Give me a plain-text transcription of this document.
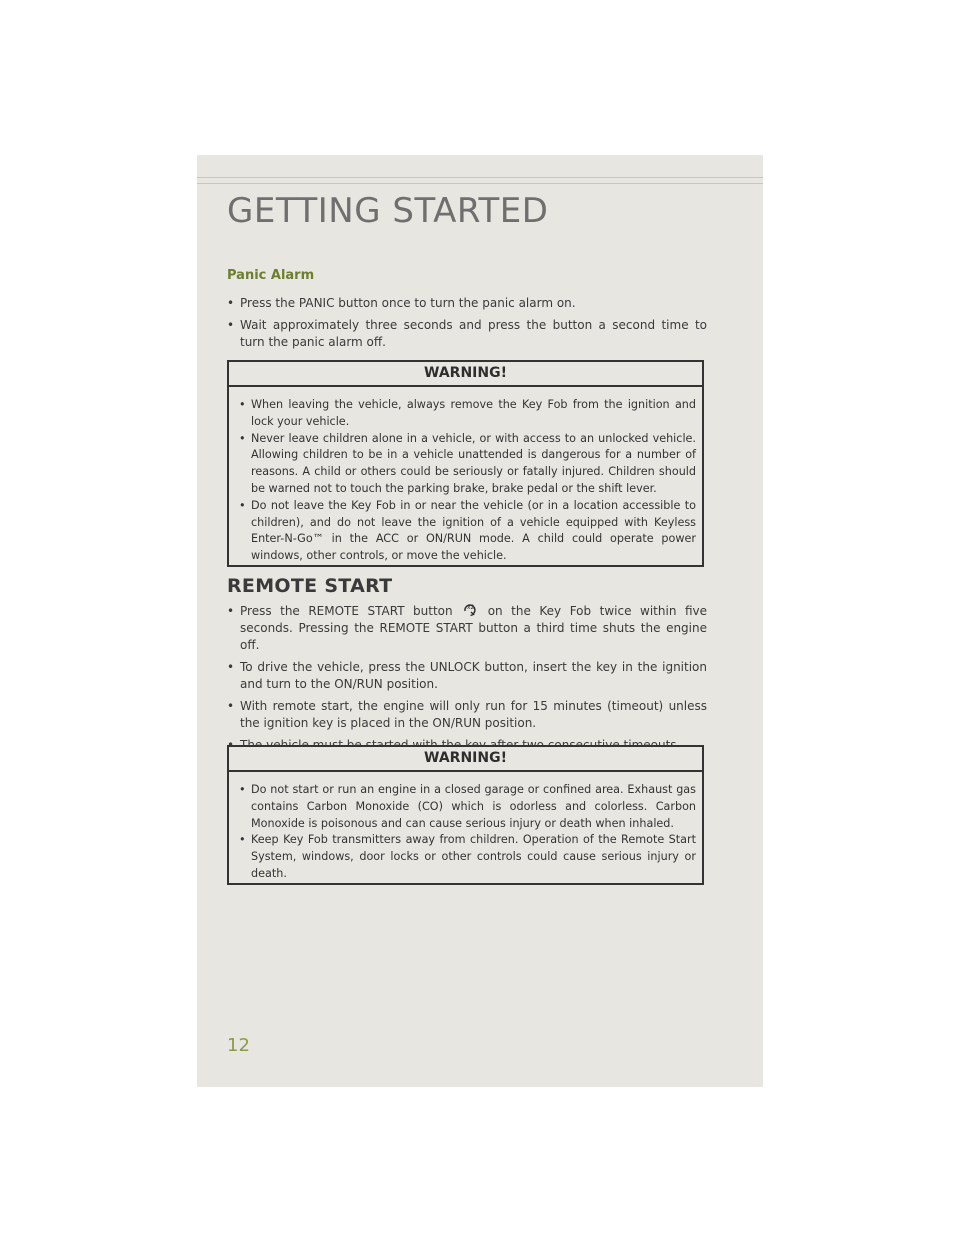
GETTING STARTED
Panic Alarm
• Press the PANIC button once to turn the panic alarm on.
• Wait approximately three seconds and press the button a second time to turn the panic alarm off.
WARNING!
• When leaving the vehicle, always remove the Key Fob from the ignition and lock your vehicle.
• Never leave children alone in a vehicle, or with access to an unlocked vehicle. Allowing children to be in a vehicle unattended is dangerous for a number of reasons. A child or others could be seriously or fatally injured. Children should be warned not to touch the parking brake, brake pedal or the shift lever.
• Do not leave the Key Fob in or near the vehicle (or in a location accessible to children), and do not leave the ignition of a vehicle equipped with Keyless Enter-N-Go™ in the ACC or ON/RUN mode. A child could operate power windows, other controls, or move the vehicle.
REMOTE START
• Press the REMOTE START button x2 on the Key Fob twice within five seconds. Pressing the REMOTE START button a third time shuts the engine off.
• To drive the vehicle, press the UNLOCK button, insert the key in the ignition and turn to the ON/RUN position.
• With remote start, the engine will only run for 15 minutes (timeout) unless the ignition key is placed in the ON/RUN position.
•
WARNING!
• Do not start or run an engine in a closed garage or confined area. Exhaust gas contains Carbon Monoxide (CO) which is odorless and colorless. Carbon Monoxide is poisonous and can cause serious injury or death when inhaled.
• Keep Key Fob transmitters away from children. Operation of the Remote Start System, windows, door locks or other controls could cause serious injury or death.
12
